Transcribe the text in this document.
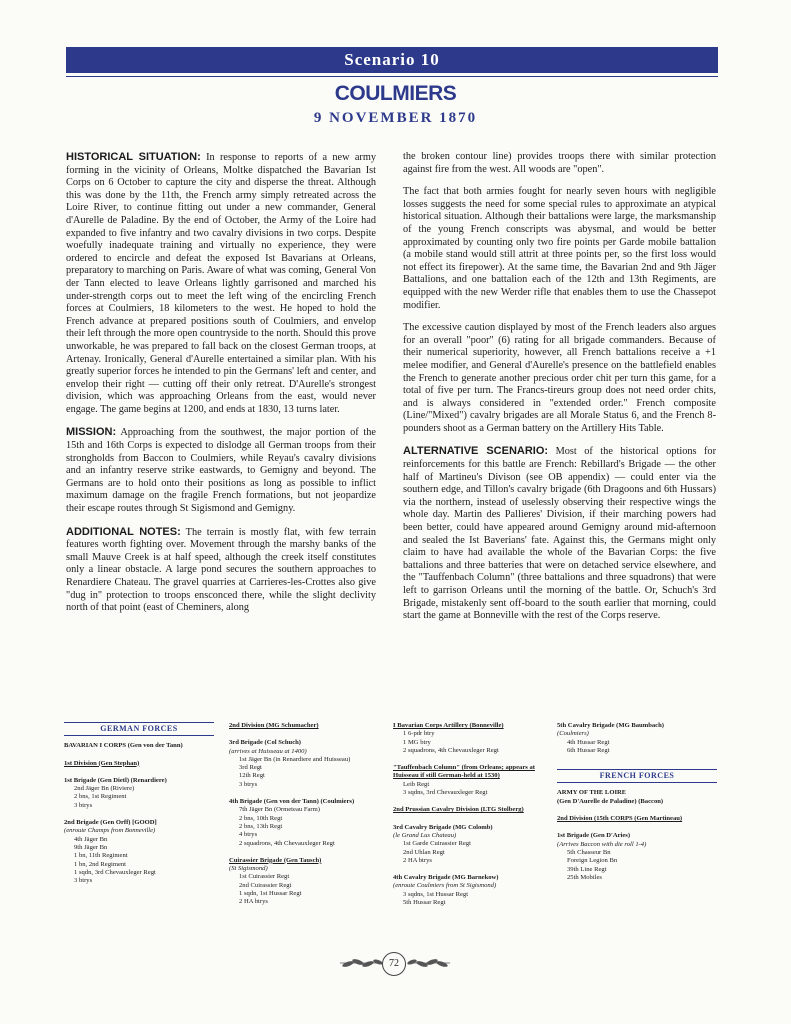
Scenario 10
COULMIERS
9 NOVEMBER 1870

HISTORICAL SITUATION: In response to reports of a new army forming in the vicinity of Orleans, Moltke dispatched the Bavarian Ist Corps on 6 October to capture the city and disperse the threat. Although this was done by the 11th, the French army simply retreated across the Loire River, to continue fitting out under a new commander, General d'Aurelle de Paladine. By the end of October, the Army of the Loire had expanded to five infantry and two cavalry divisions in two corps. Despite woefully inadequate training and virtually no experience, they were ordered to encircle and defeat the exposed Ist Bavarians at Orleans, preparatory to marching on Paris. Aware of what was coming, General Von der Tann elected to leave Orleans lightly garrisoned and marched his under-strength corps out to meet the left wing of the encircling French forces at Coulmiers, 18 kilometers to the west. He hoped to hold the French advance at prepared positions south of Coulmiers, and envelop their left through the more open countryside to the north. Should this prove unworkable, he was prepared to fall back on the closest German troops, at Artenay. Ironically, General d'Aurelle entertained a similar plan. With his greatly superior forces he intended to pin the Germans' left and center, and envelop their right — cutting off their only retreat. D'Aurelle's strongest division, which was approaching Orleans from the east, would never engage. The game begins at 1200, and ends at 1830, 13 turns later.

MISSION: Approaching from the southwest, the major portion of the 15th and 16th Corps is expected to dislodge all German troops from their strongholds from Baccon to Coulmiers, while Reyau's cavalry divisions and an infantry reserve strike eastwards, to Gemigny and beyond. The Germans are to hold onto their positions as long as possible to inflict maximum damage on the fragile French formations, but not jeopardize their escape routes through St Sigismond and Gemigny.

ADDITIONAL NOTES: The terrain is mostly flat, with few terrain features worth fighting over. Movement through the marshy banks of the small Mauve Creek is at half speed, although the creek itself constitutes only a linear obstacle. A large pond secures the southern approaches to Renardiere Chateau. The gravel quarries at Carrieres-les-Crottes also give "dug in" protection to troops ensconced there, while the slight declivity north of that point (east of Cheminers, along

the broken contour line) provides troops there with similar protection against fire from the west. All woods are "open".

The fact that both armies fought for nearly seven hours with negligible losses suggests the need for some special rules to approximate an atypical historical situation. Although their battalions were large, the marksmanship of the young French conscripts was abysmal, and would be better approximated by counting only two fire points per Garde mobile battalion (a mobile stand would still attrit at three points per, so the first loss would not effect its firepower). At the same time, the Bavarian 2nd and 9th Jäger Battalions, and one battalion each of the 12th and 13th Regiments, are equipped with the new Werder rifle that enables them to use the Chassepot modifier.

The excessive caution displayed by most of the French leaders also argues for an overall "poor" (6) rating for all brigade commanders. Because of their numerical superiority, however, all French battalions receive a +1 melee modifier, and General d'Aurelle's presence on the battlefield enables the French to generate another precious order chit per turn this game, for a total of five per turn. The Francs-tireurs group does not need order chits, and is always considered in "extended order." French composite (Line/"Mixed") cavalry brigades are all Morale Status 6, and the French 8-pounders shoot as a German battery on the Artillery Hits Table.

ALTERNATIVE SCENARIO: Most of the historical options for reinforcements for this battle are French: Rebillard's Brigade — the other half of Martineu's Divison (see OB appendix) — could enter via the southern edge, and Tillon's cavalry brigade (6th Dragoons and 6th Hussars) via the northern, instead of uselessly observing their respective wings the whole day. Martin des Pallieres' Division, if their marching powers had been better, could have appeared around Gemigny around mid-afternoon and sealed the Ist Baverians' fate. Against this, the Germans might only claim to have had available the whole of the Bavarian Corps: the five battalions and three batteries that were on detached service elsewhere, and the "Tauffenbach Column" (three battalions and three squadrons) that were left to garrison Orleans until the morning of the battle. Or, Schuch's 3rd Brigade, mistakenly sent off-board to the south earlier that morning, could start the game at Bonneville with the rest of the Corps reserve.

GERMAN FORCES
BAVARIAN I CORPS (Gen von der Tann)
1st Division (Gen Stephan)
1st Brigade (Gen Dietl) (Renardiere)
2nd Jäger Bn (Riviere)
2 bns, 1st Regiment
3 btrys
2nd Brigade (Gen Orff) [GOOD]
(enroute Champs from Bonneville)
4th Jäger Bn
9th Jäger Bn
1 bn, 11th Regiment
1 bn, 2nd Regiment
1 sqdn, 3rd Chevauxleger Regt
3 btrys
2nd Division (MG Schumacher)
3rd Brigade (Col Schuch)
(arrives at Huisseau at 1400)
1st Jäger Bn (in Renardiere and Huisseau)
3rd Regt
12th Regt
3 btrys
4th Brigade (Gen von der Tann) (Coulmiers)
7th Jäger Bn (Ormeteau Farm)
2 bns, 10th Regt
2 bns, 13th Regt
4 btrys
2 squadrons, 4th Chevauxleger Regt
Cuirassier Brigade (Gen Tausch)
(St Sigismond)
1st Cuirassier Regt
2nd Cuirassier Regt
1 sqdn, 1st Hussar Regt
2 HA btrys
I Bavarian Corps Artillery (Bonneville)
1 6-pdr btry
1 MG btry
2 squadrons, 4th Chevauxleger Regt
"Tauffenbach Column" (from Orleans; appears at Huisseau if still German-held at 1530)
Leib Regt
3 sqdns, 3rd Chevauxleger Regt
2nd Prussian Cavalry Division (LTG Stolberg)
3rd Cavalry Brigade (MG Colomb)
(le Grand Lus Chateau)
1st Garde Cuirassier Regt
2nd Uhlan Regt
2 HA btrys
4th Cavalry Brigade (MG Barnekow)
(enroute Coulmiers from St Sigismond)
3 sqdns, 1st Hussar Regt
5th Hussar Regt
5th Cavalry Brigade (MG Baumbach)
(Coulmiers)
4th Hussar Regt
6th Hussar Regt
FRENCH FORCES
ARMY OF THE LOIRE
(Gen D'Aurelle de Paladine) (Baccon)
2nd Division (15th CORPS (Gen Martineau)
1st Brigade (Gen D'Aries)
(Arrives Baccon with die roll 1-4)
5th Chasseur Bn
Foreign Legion Bn
39th Line Regt
25th Mobiles
72
